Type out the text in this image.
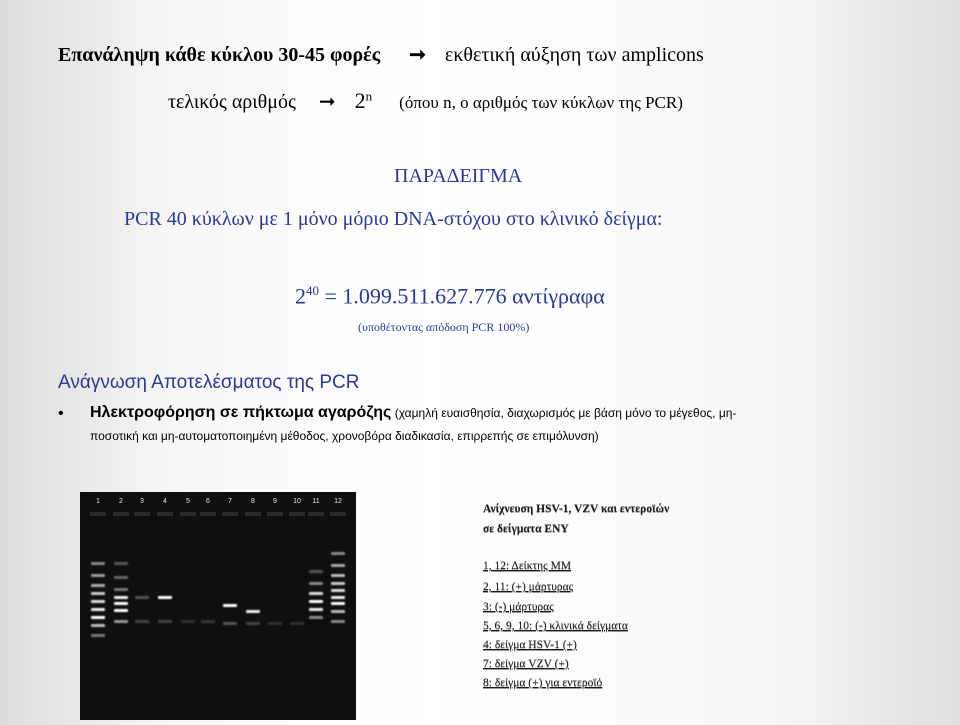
Επανάληψη κάθε κύκλου 30-45 φορές ➞ εκθετική αύξηση των amplicons
τελικός αριθμός ➞ 2$^n$ (όπου n, ο αριθμός των κύκλων της PCR)
ΠΑΡΑΔΕΙΓΜΑ
PCR 40 κύκλων με 1 μόνο μόριο DNA-στόχου στο κλινικό δείγμα:
$2^{40} = 1.099.511.627.776$ αντίγραφα
(υποθέτοντας απόδοση PCR 100%)
Ανάγνωση Αποτελέσματος της PCR
• Ηλεκτροφόρηση σε πήκτωμα αγαρόζης (χαμηλή ευαισθησία, διαχωρισμός με βάση μόνο το μέγεθος, μη-
ποσοτική και μη-αυτοματοποιημένη μέθοδος, χρονοβόρα διαδικασία, επιρρεπής σε επιμόλυνση)
1	2 3	4	5 6	7	8	9 10 11 12
Ανίχνευση HSV-1, VZV και εντεροϊών
σε δείγματα ΕΝΥ
1, 12: Δείκτης ΜΜ
2, 11: (+) μάρτυρας
3: (-) μάρτυρας
5, 6, 9, 10: (-) κλινικά δείγματα
4: δείγμα HSV-1 (+)
7: δείγμα VZV (+)
8: δείγμα (+) για εντεροϊό
